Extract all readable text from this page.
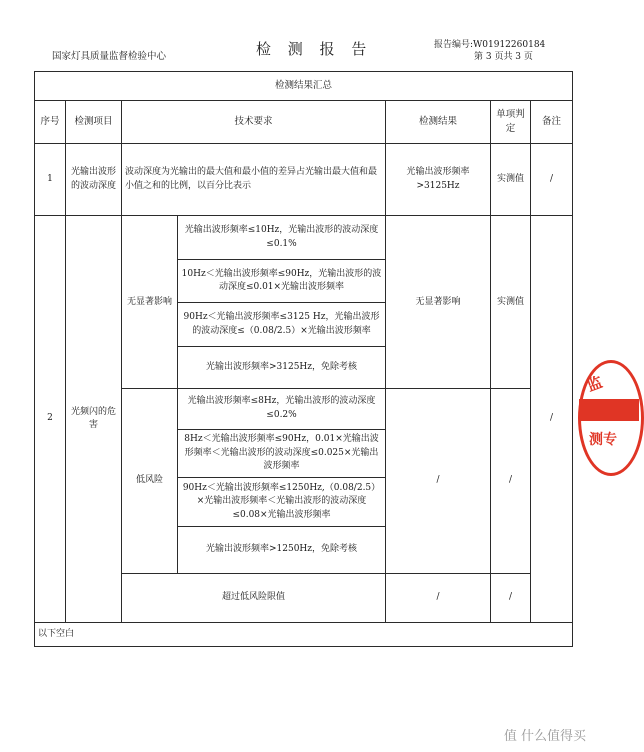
国家灯具质量监督检验中心	检 测 报 告	报告编号:W01912260184
第 3 页共 3 页
检测结果汇总						
序号	检测项目	技术要求		检测结果	单项判定	备注
1	光输出波形的波动深度	波动深度为光输出的最大值和最小值的差异占光输出最大值和最小值之和的比例，以百分比表示		光输出波形频率>3125Hz	实测值	/
2	光频闪的危害	无显著影响	光输出波形频率≤10Hz，光输出波形的波动深度≤0.1%	无显著影响	实测值	/
			10Hz＜光输出波形频率≤90Hz，光输出波形的波动深度≤0.01×光输出波形频率			
			90Hz＜光输出波形频率≤3125 Hz，光输出波形的波动深度≤（0.08/2.5）×光输出波形频率			
			光输出波形频率>3125Hz，免除考核			
		低风险	光输出波形频率≤8Hz，光输出波形的波动深度≤0.2%	/	/	
			8Hz＜光输出波形频率≤90Hz，0.01×光输出波形频率＜光输出波形的波动深度≤0.025×光输出波形频率			
			90Hz＜光输出波形频率≤1250Hz,（0.08/2.5）×光输出波形频率＜光输出波形的波动深度≤0.08×光输出波形频率			
			光输出波形频率>1250Hz，免除考核			
		超过低风险限值		/	/	
以下空白						
监
测专
值 什么值得买
